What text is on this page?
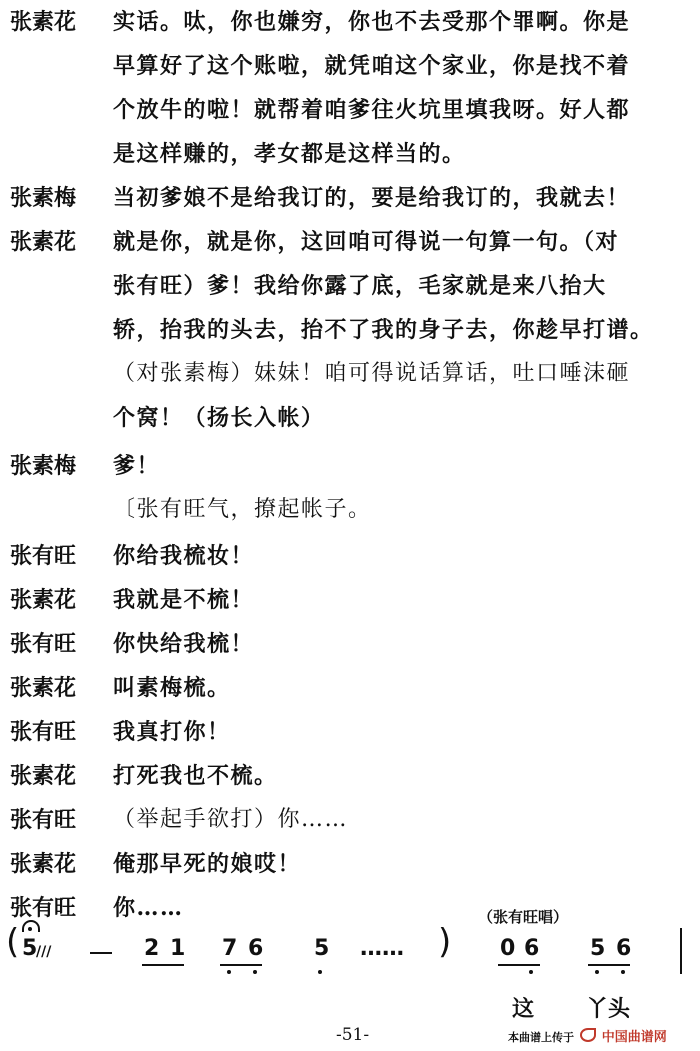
张素花	实话。呔，你也嫌穷，你也不去受那个罪啊。你是
早算好了这个账啦，就凭咱这个家业，你是找不着
个放牛的啦！就帮着咱爹往火坑里填我呀。好人都
是这样赚的，孝女都是这样当的。
张素梅	当初爹娘不是给我订的，要是给我订的，我就去！
张素花	就是你，就是你，这回咱可得说一句算一句。（对
张有旺）爹！我给你露了底，毛家就是来八抬大
轿，抬我的头去，抬不了我的身子去，你趁早打谱。
（对张素梅）妹妹！咱可得说话算话，吐口唾沫砸
个窝！（扬长入帐）
张素梅	爹！
〔张有旺气，撩起帐子。
张有旺	你给我梳妆！
张素花	我就是不梳！
张有旺	你快给我梳！
张素花	叫素梅梳。
张有旺	我真打你！
张素花	打死我也不梳。
张有旺	（举起手欲打）你……
张素花	俺那早死的娘哎！
张有旺	你……	（张有旺唱）
( 5
///	2 1 7 6 5 …… ) 0 6 5 6
这 丫头
-51-	本曲谱上传于 中国曲谱网
